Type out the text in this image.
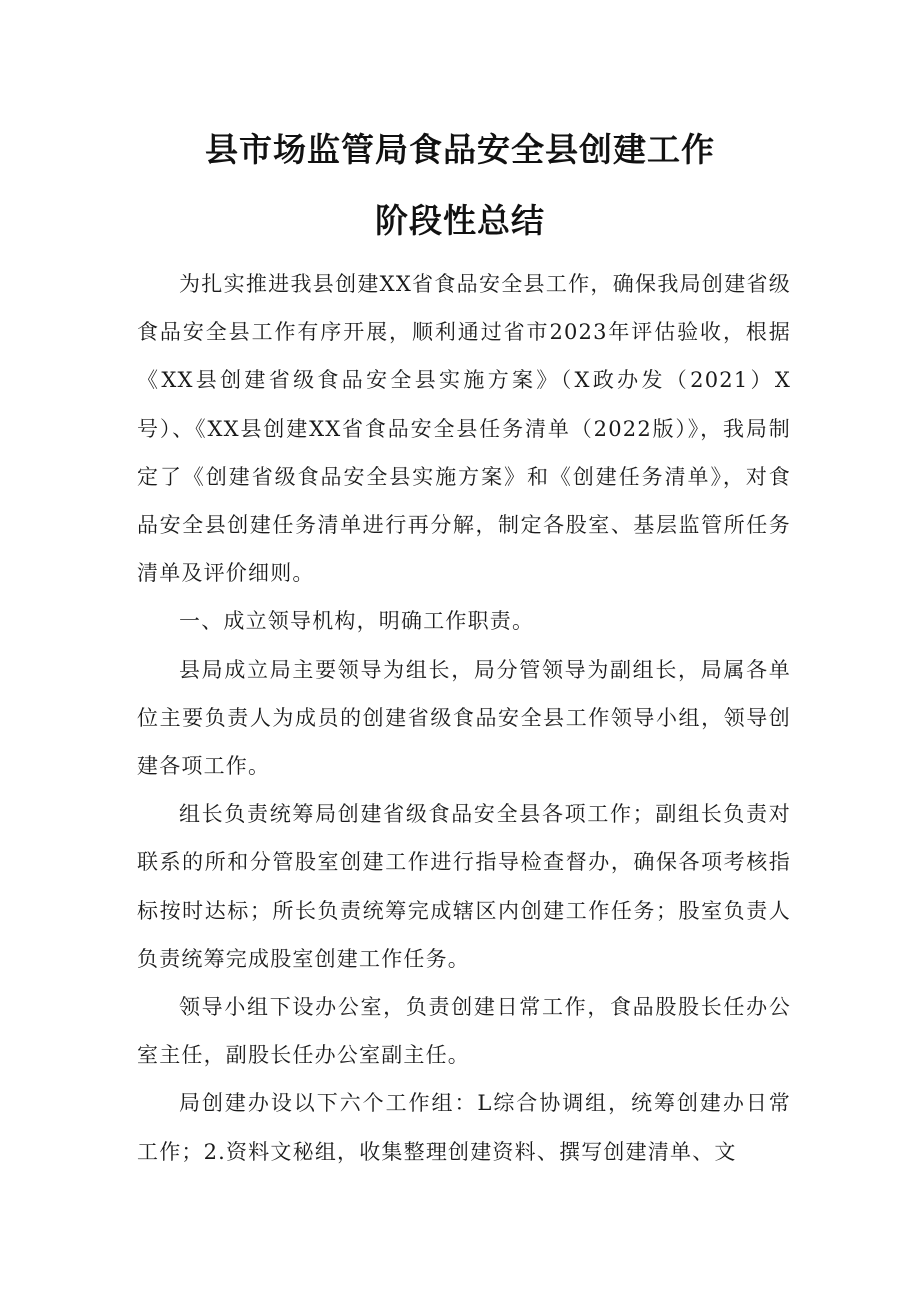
县市场监管局食品安全县创建工作
阶段性总结

为扎实推进我县创建XX省食品安全县工作，确保我局创建省级食品安全县工作有序开展，顺利通过省市2023年评估验收，根据《XX县创建省级食品安全县实施方案》（X政办发（2021）X号）、《XX县创建XX省食品安全县任务清单（2022版）》，我局制定了《创建省级食品安全县实施方案》和《创建任务清单》，对食品安全县创建任务清单进行再分解，制定各股室、基层监管所任务清单及评价细则。

一、成立领导机构，明确工作职责。

县局成立局主要领导为组长，局分管领导为副组长，局属各单位主要负责人为成员的创建省级食品安全县工作领导小组，领导创建各项工作。

组长负责统筹局创建省级食品安全县各项工作；副组长负责对联系的所和分管股室创建工作进行指导检查督办，确保各项考核指标按时达标；所长负责统筹完成辖区内创建工作任务；股室负责人负责统筹完成股室创建工作任务。

领导小组下设办公室，负责创建日常工作，食品股股长任办公室主任，副股长任办公室副主任。

局创建办设以下六个工作组：L综合协调组，统筹创建办日常工作；2.资料文秘组，收集整理创建资料、撰写创建清单、文
